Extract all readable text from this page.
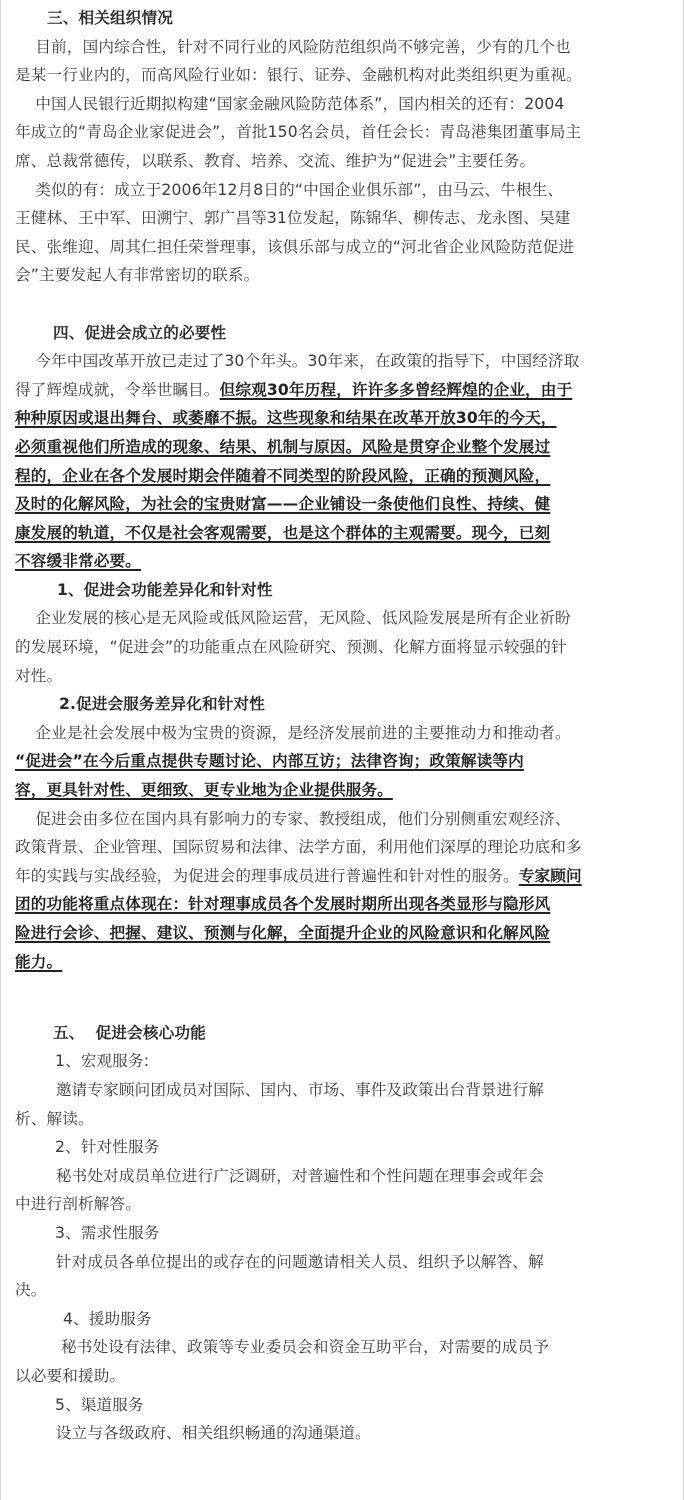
三、相关组织情况
目前，国内综合性，针对不同行业的风险防范组织尚不够完善，少有的几个也
是某一行业内的，而高风险行业如：银行、证券、金融机构对此类组织更为重视。
中国人民银行近期拟构建“国家金融风险防范体系”，国内相关的还有：2004
年成立的“青岛企业家促进会”，首批150名会员，首任会长：青岛港集团董事局主
席、总裁常德传，以联系、教育、培养、交流、维护为“促进会”主要任务。
类似的有：成立于2006年12月8日的“中国企业俱乐部”，由马云、牛根生、
王健林、王中军、田溯宁、郭广昌等31位发起，陈锦华、柳传志、龙永图、吴建
民、张维迎、周其仁担任荣誉理事，该俱乐部与成立的“河北省企业风险防范促进
会”主要发起人有非常密切的联系。
四、促进会成立的必要性
今年中国改革开放已走过了30个年头。30年来，在政策的指导下，中国经济取
得了辉煌成就，令举世瞩目。但综观30年历程，许许多多曾经辉煌的企业，由于
种种原因或退出舞台、或萎靡不振。这些现象和结果在改革开放30年的今天，
必须重视他们所造成的现象、结果、机制与原因。风险是贯穿企业整个发展过
程的，企业在各个发展时期会伴随着不同类型的阶段风险，正确的预测风险，
及时的化解风险，为社会的宝贵财富——企业铺设一条使他们良性、持续、健
康发展的轨道，不仅是社会客观需要，也是这个群体的主观需要。现今，已刻
不容缓非常必要。
1、促进会功能差异化和针对性
企业发展的核心是无风险或低风险运营，无风险、低风险发展是所有企业祈盼
的发展环境，“促进会”的功能重点在风险研究、预测、化解方面将显示较强的针
对性。
2.促进会服务差异化和针对性
企业是社会发展中极为宝贵的资源，是经济发展前进的主要推动力和推动者。
“促进会”在今后重点提供专题讨论、内部互访；法律咨询；政策解读等内
容，更具针对性、更细致、更专业地为企业提供服务。
促进会由多位在国内具有影响力的专家、教授组成，他们分别侧重宏观经济、
政策背景、企业管理、国际贸易和法律、法学方面，利用他们深厚的理论功底和多
年的实践与实战经验，为促进会的理事成员进行普遍性和针对性的服务。专家顾问
团的功能将重点体现在：针对理事成员各个发展时期所出现各类显形与隐形风
险进行会诊、把握、建议、预测与化解，全面提升企业的风险意识和化解风险
能力。
五、  促进会核心功能
1、宏观服务:
邀请专家顾问团成员对国际、国内、市场、事件及政策出台背景进行解
析、解读。
2、针对性服务
秘书处对成员单位进行广泛调研，对普遍性和个性问题在理事会或年会
中进行剖析解答。
3、需求性服务
针对成员各单位提出的或存在的问题邀请相关人员、组织予以解答、解
决。
4、援助服务
秘书处设有法律、政策等专业委员会和资金互助平台，对需要的成员予
以必要和援助。
5、渠道服务
设立与各级政府、相关组织畅通的沟通渠道。
